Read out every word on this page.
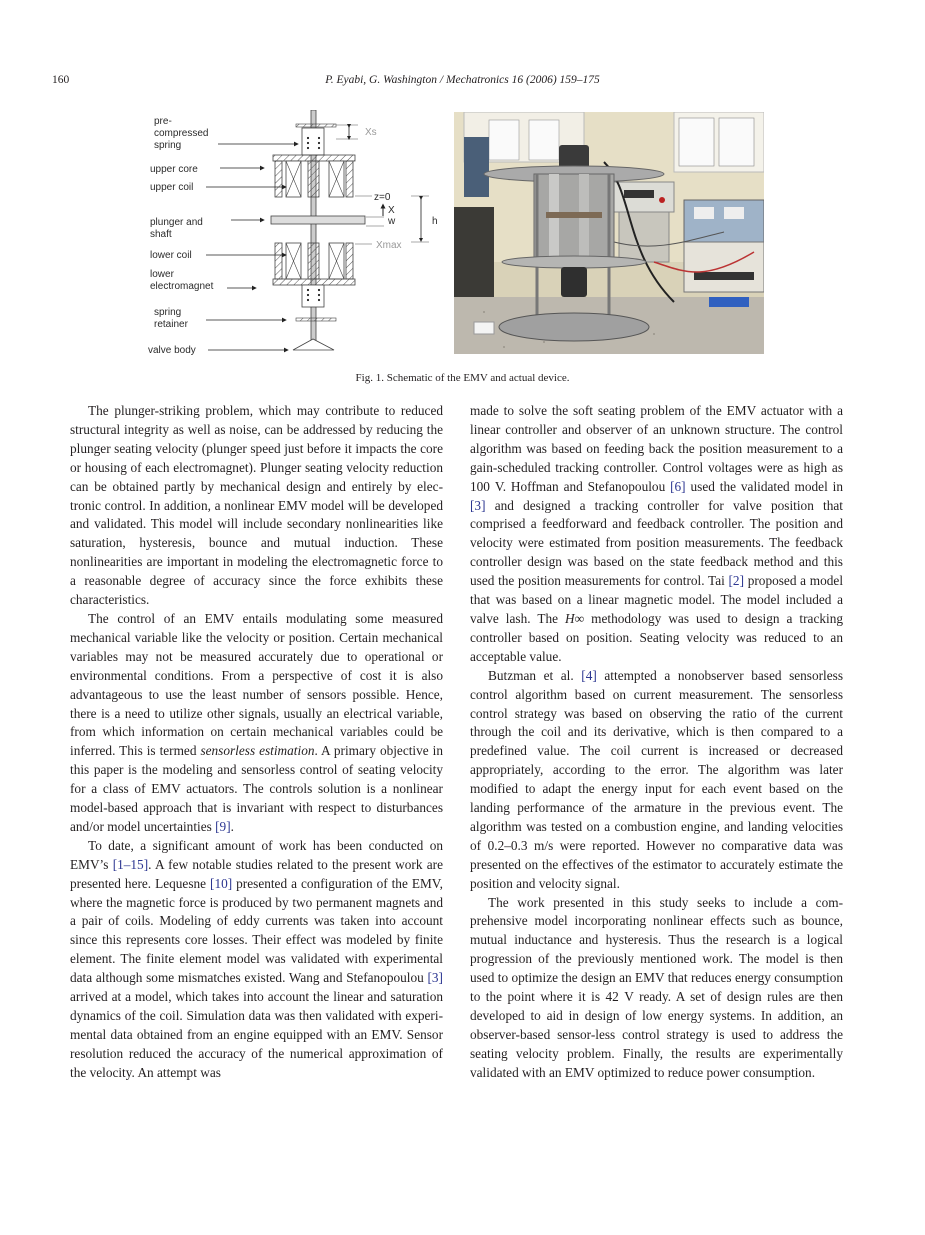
160	P. Eyabi, G. Washington / Mechatronics 16 (2006) 159–175
pre-
compressed
spring
upper core
upper coil
plunger and
shaft
lower coil
lower
electromagnet
spring
retainer
valve body
Xs
z=0
X
w	h
Xmax
Fig. 1. Schematic of the EMV and actual device.

The plunger-striking problem, which may contribute to reduced structural integrity as well as noise, can be addressed by reducing the plunger seating velocity (plunger speed just before it impacts the core or housing of each electromagnet). Plunger seating velocity reduction can be obtained partly by mechanical design and entirely by electronic control. In addition, a nonlinear EMV model will be developed and validated. This model will include secondary nonlinearities like saturation, hysteresis, bounce and mutual induction. These nonlinearities are important in modeling the electromagnetic force to a reasonable degree of accuracy since the force exhibits these characteristics.

The control of an EMV entails modulating some measured mechanical variable like the velocity or position. Certain mechanical variables may not be measured accurately due to operational or environmental conditions. From a perspective of cost it is also advantageous to use the least number of sensors possible. Hence, there is a need to utilize other signals, usually an electrical variable, from which information on certain mechanical variables could be inferred. This is termed sensorless estimation. A primary objective in this paper is the modeling and sensorless control of seating velocity for a class of EMV actuators. The controls solution is a nonlinear model-based approach that is invariant with respect to disturbances and/or model uncertainties [9].

To date, a significant amount of work has been conducted on EMV’s [1–15]. A few notable studies related to the present work are presented here. Lequesne [10] presented a configuration of the EMV, where the magnetic force is produced by two permanent magnets and a pair of coils. Modeling of eddy currents was taken into account since this represents core losses. Their effect was modeled by finite element. The finite element model was validated with experimental data although some mismatches existed. Wang and Stefanopoulou [3] arrived at a model, which takes into account the linear and saturation dynamics of the coil. Simulation data was then validated with experimental data obtained from an engine equipped with an EMV. Sensor resolution reduced the accuracy of the numerical approximation of the velocity. An attempt was

made to solve the soft seating problem of the EMV actuator with a linear controller and observer of an unknown structure. The control algorithm was based on feeding back the position measurement to a gain-scheduled tracking controller. Control voltages were as high as 100 V. Hoffman and Stefanopoulou [6] used the validated model in [3] and designed a tracking controller for valve position that comprised a feedforward and feedback controller. The position and velocity were estimated from position measurements. The feedback controller design was based on the state feedback method and this used the position measurements for control. Tai [2] proposed a model that was based on a linear magnetic model. The model included a valve lash. The H∞ methodology was used to design a tracking controller based on position. Seating velocity was reduced to an acceptable value.

Butzman et al. [4] attempted a nonobserver based sensorless control algorithm based on current measurement. The sensorless control strategy was based on observing the ratio of the current through the coil and its derivative, which is then compared to a predefined value. The coil current is increased or decreased appropriately, according to the error. The algorithm was later modified to adapt the energy input for each event based on the landing performance of the armature in the previous event. The algorithm was tested on a combustion engine, and landing velocities of 0.2–0.3 m/s were reported. However no comparative data was presented on the effectives of the estimator to accurately estimate the position and velocity signal.

The work presented in this study seeks to include a comprehensive model incorporating nonlinear effects such as bounce, mutual inductance and hysteresis. Thus the research is a logical progression of the previously mentioned work. The model is then used to optimize the design an EMV that reduces energy consumption to the point where it is 42 V ready. A set of design rules are then developed to aid in design of low energy systems. In addition, an observer-based sensor-less control strategy is used to address the seating velocity problem. Finally, the results are experimentally validated with an EMV optimized to reduce power consumption.
